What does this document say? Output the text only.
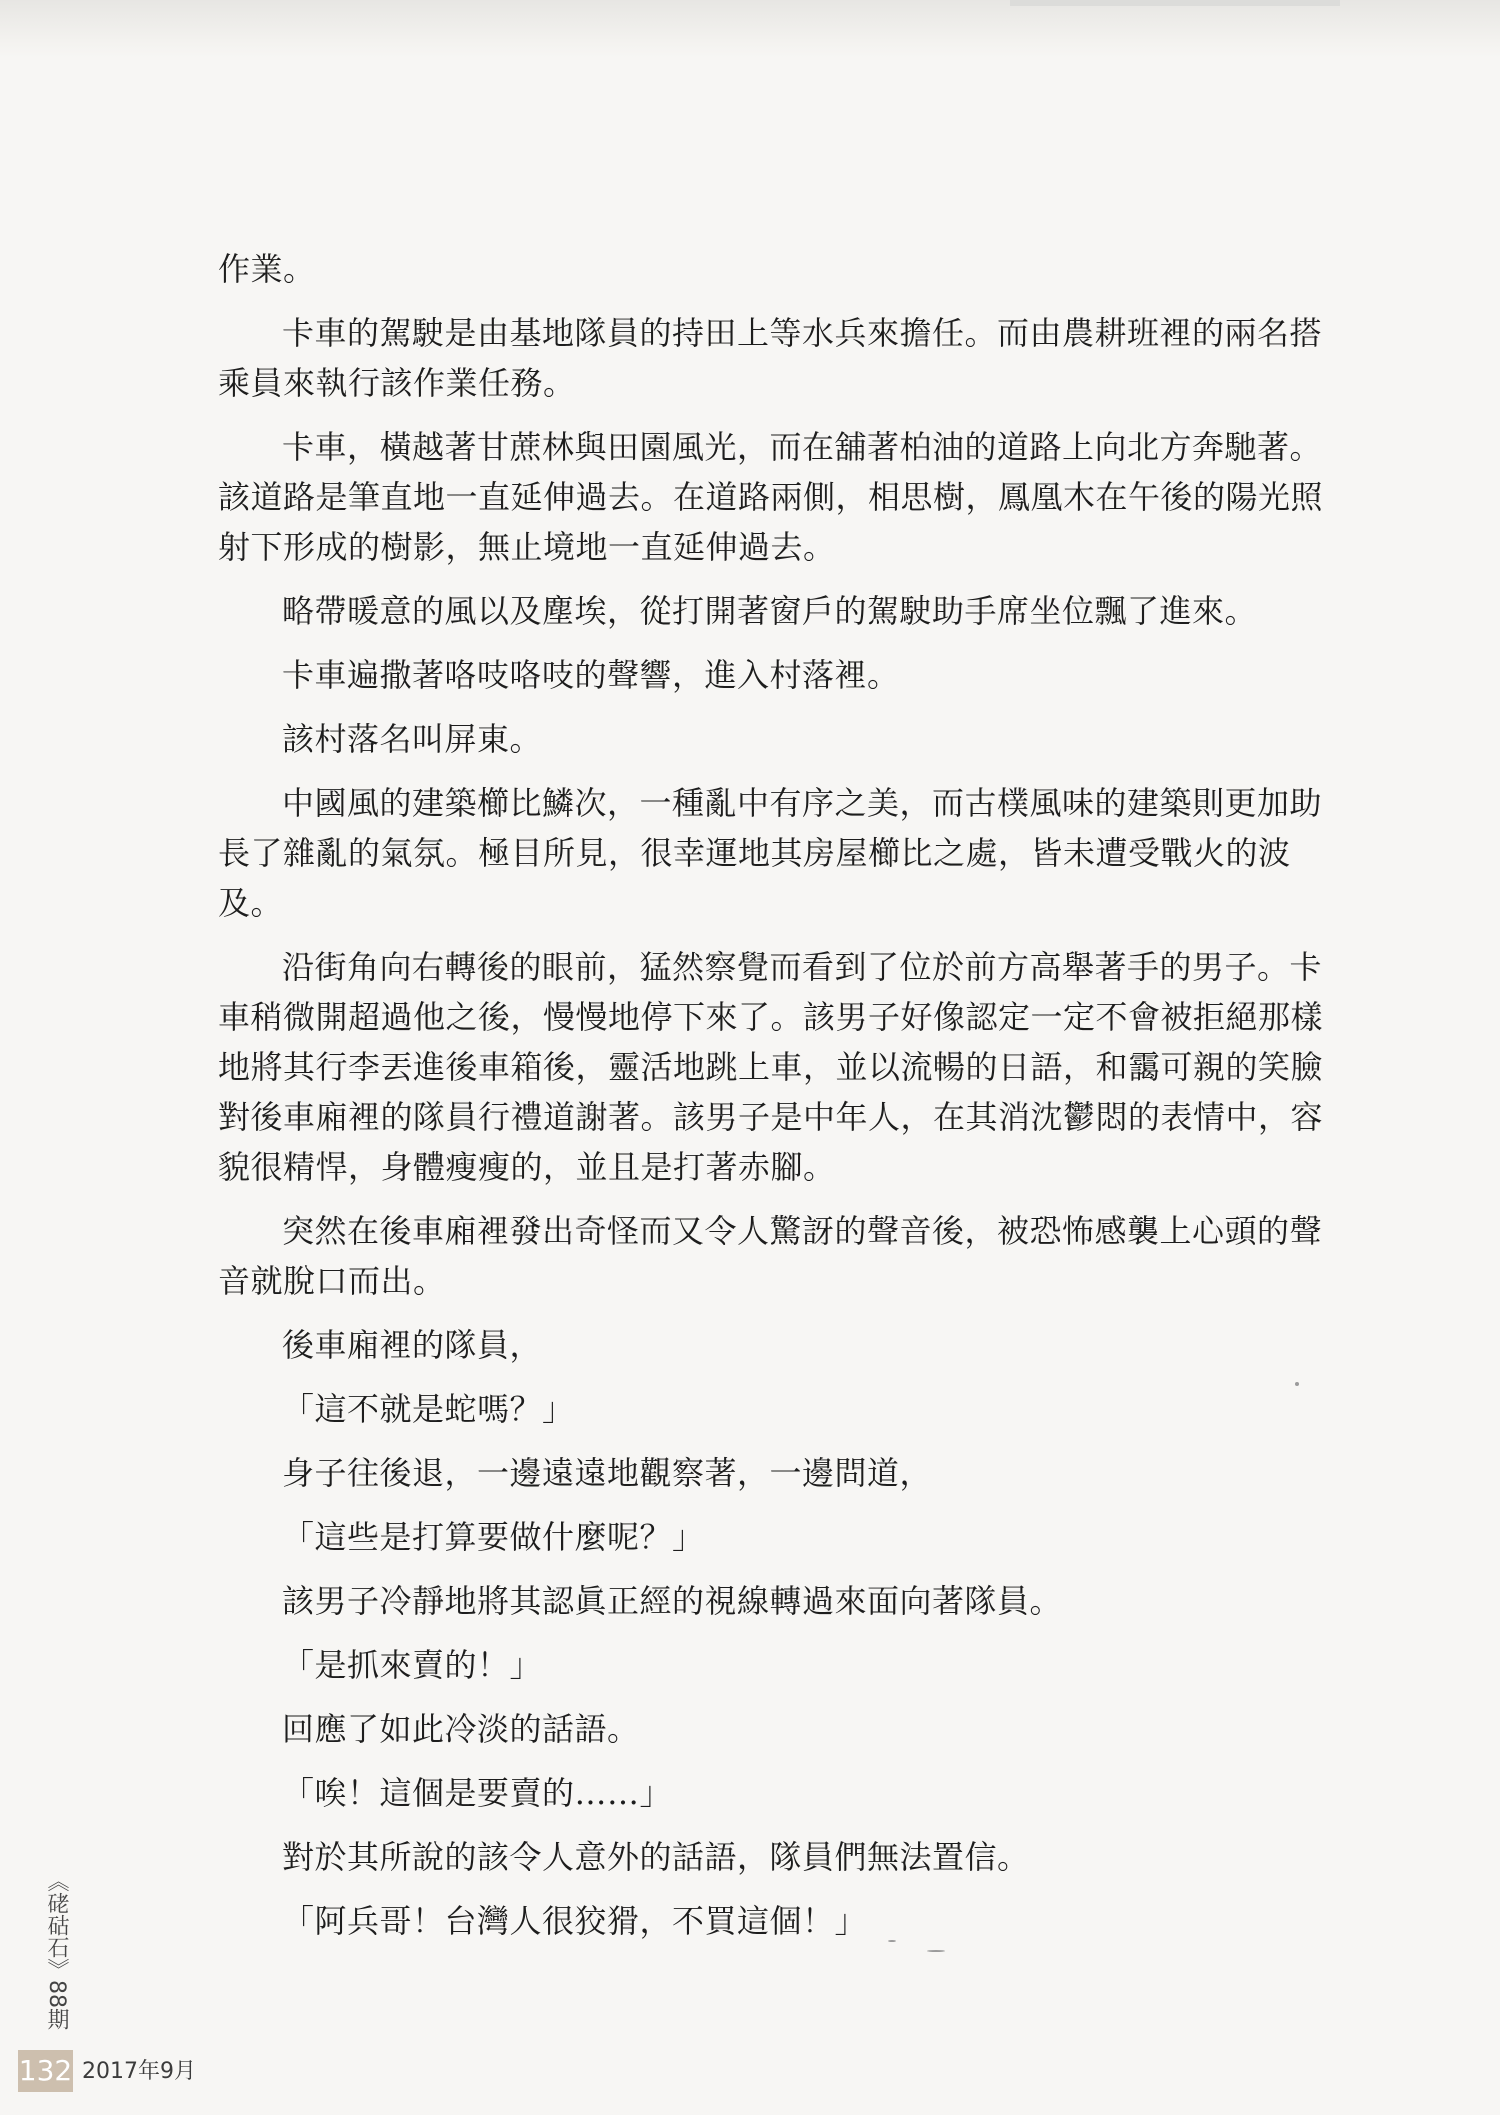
作業。

卡車的駕駛是由基地隊員的持田上等水兵來擔任。而由農耕班裡的兩名搭乘員來執行該作業任務。

卡車，橫越著甘蔗林與田園風光，而在舖著柏油的道路上向北方奔馳著。該道路是筆直地一直延伸過去。在道路兩側，相思樹，鳳凰木在午後的陽光照射下形成的樹影，無止境地一直延伸過去。

略帶暖意的風以及塵埃，從打開著窗戶的駕駛助手席坐位飄了進來。

卡車遍撒著咯吱咯吱的聲響，進入村落裡。

該村落名叫屏東。

中國風的建築櫛比鱗次，一種亂中有序之美，而古樸風味的建築則更加助長了雜亂的氣氛。極目所見，很幸運地其房屋櫛比之處，皆未遭受戰火的波及。

沿街角向右轉後的眼前，猛然察覺而看到了位於前方高舉著手的男子。卡車稍微開超過他之後，慢慢地停下來了。該男子好像認定一定不會被拒絕那樣地將其行李丟進後車箱後，靈活地跳上車，並以流暢的日語，和靄可親的笑臉對後車廂裡的隊員行禮道謝著。該男子是中年人，在其消沈鬱悶的表情中，容貌很精悍，身體瘦瘦的，並且是打著赤腳。

突然在後車廂裡發出奇怪而又令人驚訝的聲音後，被恐怖感襲上心頭的聲音就脫口而出。

後車廂裡的隊員，

「這不就是蛇嗎？」

身子往後退，一邊遠遠地觀察著，一邊問道，

「這些是打算要做什麼呢？」

該男子冷靜地將其認眞正經的視線轉過來面向著隊員。

「是抓來賣的！」

回應了如此冷淡的話語。

「唉！這個是要賣的……」

對於其所說的該令人意外的話語，隊員們無法置信。

「阿兵哥！台灣人很狡猾，不買這個！」

《硓𥑮石》88期
132 2017年9月
